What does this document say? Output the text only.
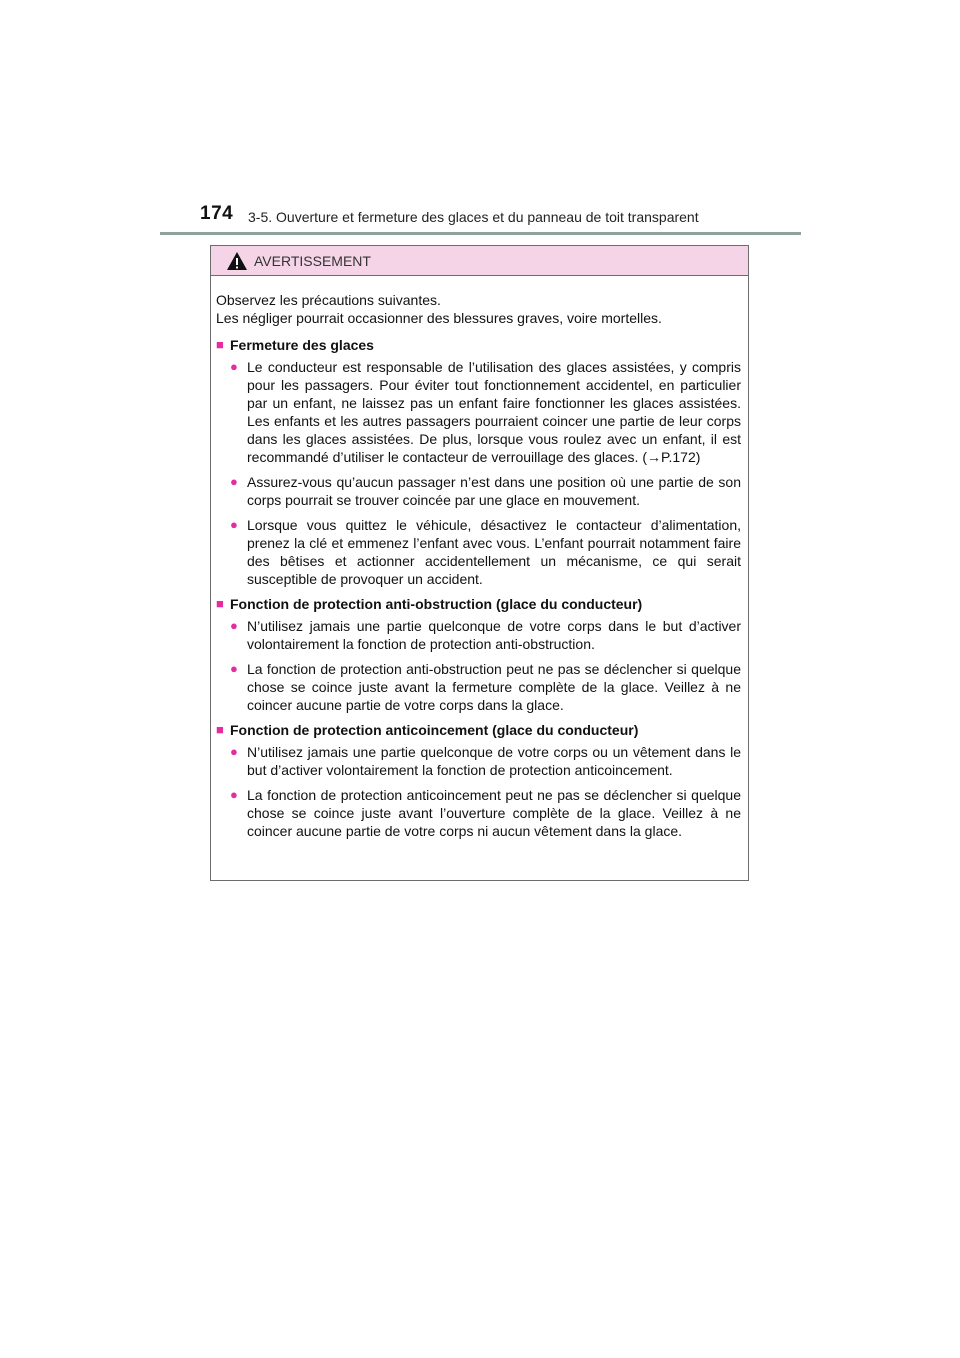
174 3-5. Ouverture et fermeture des glaces et du panneau de toit transparent
AVERTISSEMENT

Observez les précautions suivantes.

Les négliger pourrait occasionner des blessures graves, voire mortelles.

■ Fermeture des glaces
● Le conducteur est responsable de l’utilisation des glaces assistées, y compris pour les passagers. Pour éviter tout fonctionnement accidentel, en particulier par un enfant, ne laissez pas un enfant faire fonctionner les glaces assistées. Les enfants et les autres passagers pourraient coincer une partie de leur corps dans les glaces assistées. De plus, lorsque vous roulez avec un enfant, il est recommandé d’utiliser le contacteur de verrouillage des glaces. (→P.172)
● Assurez-vous qu’aucun passager n’est dans une position où une partie de son corps pourrait se trouver coincée par une glace en mouvement.
● Lorsque vous quittez le véhicule, désactivez le contacteur d’alimentation, prenez la clé et emmenez l’enfant avec vous. L’enfant pourrait notamment faire des bêtises et actionner accidentellement un mécanisme, ce qui serait susceptible de provoquer un accident.
■ Fonction de protection anti-obstruction (glace du conducteur)
● N’utilisez jamais une partie quelconque de votre corps dans le but d’activer volontairement la fonction de protection anti-obstruction.
● La fonction de protection anti-obstruction peut ne pas se déclencher si quelque chose se coince juste avant la fermeture complète de la glace. Veillez à ne coincer aucune partie de votre corps dans la glace.
■ Fonction de protection anticoincement (glace du conducteur)
● N’utilisez jamais une partie quelconque de votre corps ou un vêtement dans le but d’activer volontairement la fonction de protection anticoincement.
● La fonction de protection anticoincement peut ne pas se déclencher si quelque chose se coince juste avant l’ouverture complète de la glace. Veillez à ne coincer aucune partie de votre corps ni aucun vêtement dans la glace.
